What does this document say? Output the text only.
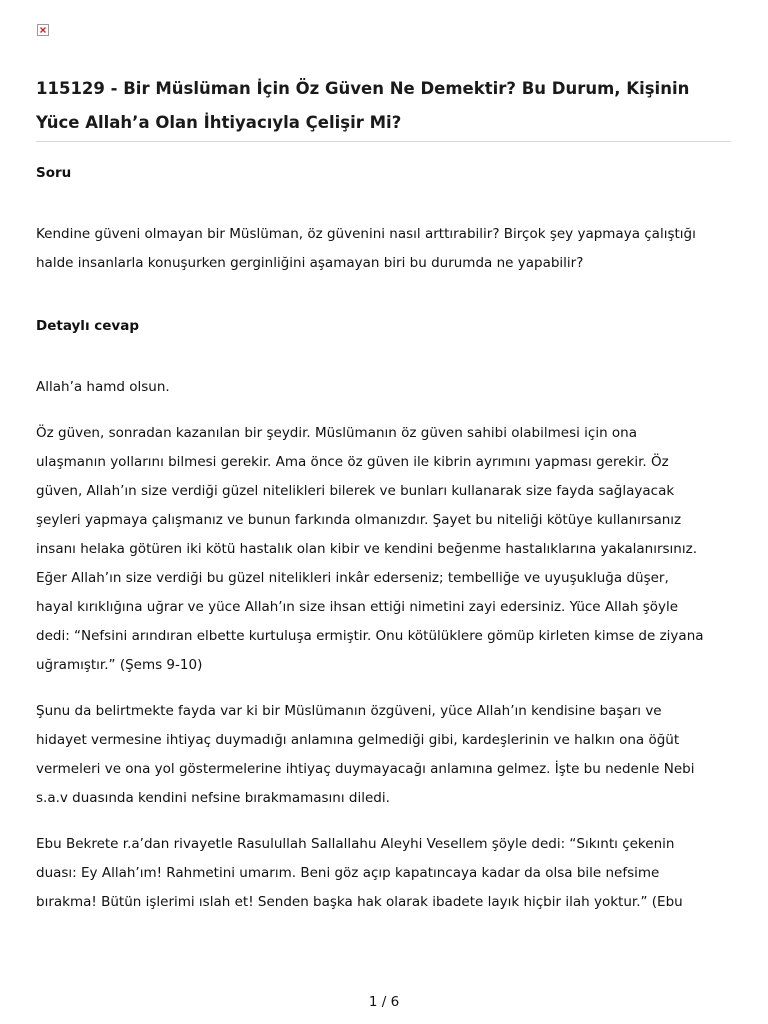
115129 - Bir Müslüman İçin Öz Güven Ne Demektir? Bu Durum, Kişinin
Yüce Allah’a Olan İhtiyacıyla Çelişir Mi?
Soru
Kendine güveni olmayan bir Müslüman, öz güvenini nasıl arttırabilir? Birçok şey yapmaya çalıştığı
halde insanlarla konuşurken gerginliğini aşamayan biri bu durumda ne yapabilir?
Detaylı cevap
Allah’a hamd olsun.
Öz güven, sonradan kazanılan bir şeydir. Müslümanın öz güven sahibi olabilmesi için ona
ulaşmanın yollarını bilmesi gerekir. Ama önce öz güven ile kibrin ayrımını yapması gerekir. Öz
güven, Allah’ın size verdiği güzel nitelikleri bilerek ve bunları kullanarak size fayda sağlayacak
şeyleri yapmaya çalışmanız ve bunun farkında olmanızdır. Şayet bu niteliği kötüye kullanırsanız
insanı helaka götüren iki kötü hastalık olan kibir ve kendini beğenme hastalıklarına yakalanırsınız.
Eğer Allah’ın size verdiği bu güzel nitelikleri inkâr ederseniz; tembelliğe ve uyuşukluğa düşer,
hayal kırıklığına uğrar ve yüce Allah’ın size ihsan ettiği nimetini zayi edersiniz. Yüce Allah şöyle
dedi: “Nefsini arındıran elbette kurtuluşa ermiştir. Onu kötülüklere gömüp kirleten kimse de ziyana
uğramıştır.” (Şems 9-10)
Şunu da belirtmekte fayda var ki bir Müslümanın özgüveni, yüce Allah’ın kendisine başarı ve
hidayet vermesine ihtiyaç duymadığı anlamına gelmediği gibi, kardeşlerinin ve halkın ona öğüt
vermeleri ve ona yol göstermelerine ihtiyaç duymayacağı anlamına gelmez. İşte bu nedenle Nebi
s.a.v duasında kendini nefsine bırakmamasını diledi.
Ebu Bekrete r.a’dan rivayetle Rasulullah Sallallahu Aleyhi Vesellem şöyle dedi: “Sıkıntı çekenin
duası: Ey Allah’ım! Rahmetini umarım. Beni göz açıp kapatıncaya kadar da olsa bile nefsime
bırakma! Bütün işlerimi ıslah et! Senden başka hak olarak ibadete layık hiçbir ilah yoktur.” (Ebu
1 / 6
